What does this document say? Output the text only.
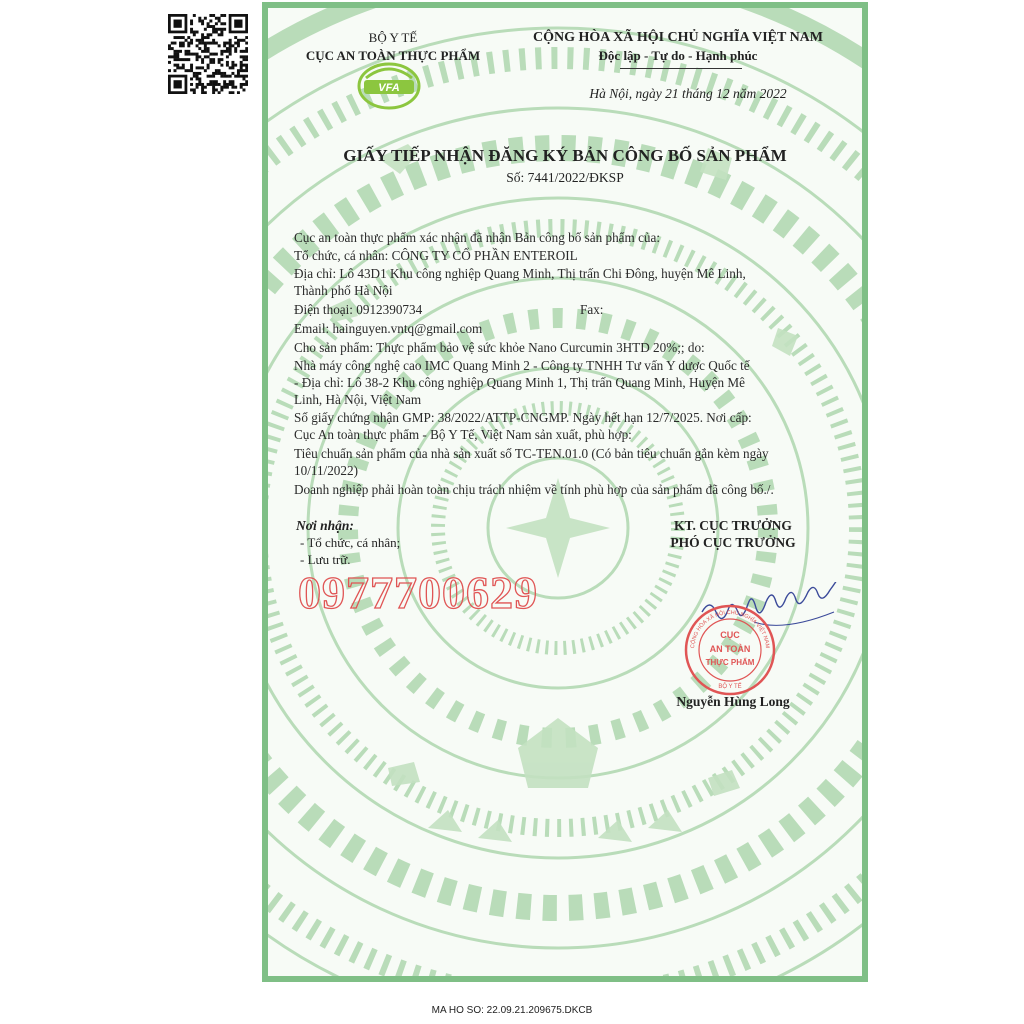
VFA
BỘ Y TẾ
CỤC AN TOÀN THỰC PHẨM
CỘNG HÒA XÃ HỘI CHỦ NGHĨA VIỆT NAM
Độc lập - Tự do - Hạnh phúc
Hà Nội, ngày 21 tháng 12 năm 2022
GIẤY TIẾP NHẬN ĐĂNG KÝ BẢN CÔNG BỐ SẢN PHẨM
Số: 7441/2022/ĐKSP
Cục an toàn thực phẩm xác nhận đã nhận Bản công bố sản phẩm của:
Tổ chức, cá nhân: CÔNG TY CỔ PHẦN ENTEROIL
Địa chỉ: Lô 43D1 Khu công nghiệp Quang Minh, Thị trấn Chi Đông, huyện Mê Linh,
Thành phố Hà Nội
Điện thoại: 0912390734	Fax:
Email: hainguyen.vntq@gmail.com
Cho sản phẩm: Thực phẩm bảo vệ sức khỏe Nano Curcumin 3HTD 20%;; do:
Nhà máy công nghệ cao IMC Quang Minh 2 - Công ty TNHH Tư vấn Y dược Quốc tế
- Địa chỉ: Lô 38-2 Khu công nghiệp Quang Minh 1, Thị trấn Quang Minh, Huyện Mê
Linh, Hà Nội, Việt Nam
Số giấy chứng nhận GMP: 38/2022/ATTP-CNGMP. Ngày hết hạn 12/7/2025. Nơi cấp:
Cục An toàn thực phẩm - Bộ Y Tế, Việt Nam sản xuất, phù hợp:
Tiêu chuẩn sản phẩm của nhà sản xuất số TC-TEN.01.0 (Có bản tiêu chuẩn gắn kèm ngày
10/11/2022)
Doanh nghiệp phải hoàn toàn chịu trách nhiệm về tính phù hợp của sản phẩm đã công bố./.
Nơi nhận:
- Tổ chức, cá nhân;
- Lưu trữ.
KT. CỤC TRƯỞNG
PHÓ CỤC TRƯỞNG
0977700629
CỤC
AN TOÀN
THỰC PHẨM
CỘNG HÒA XÃ HỘI CHỦ NGHĨA VIỆT NAM
BỘ Y TẾ
Nguyễn Hùng Long
MA HO SO: 22.09.21.209675.DKCB
